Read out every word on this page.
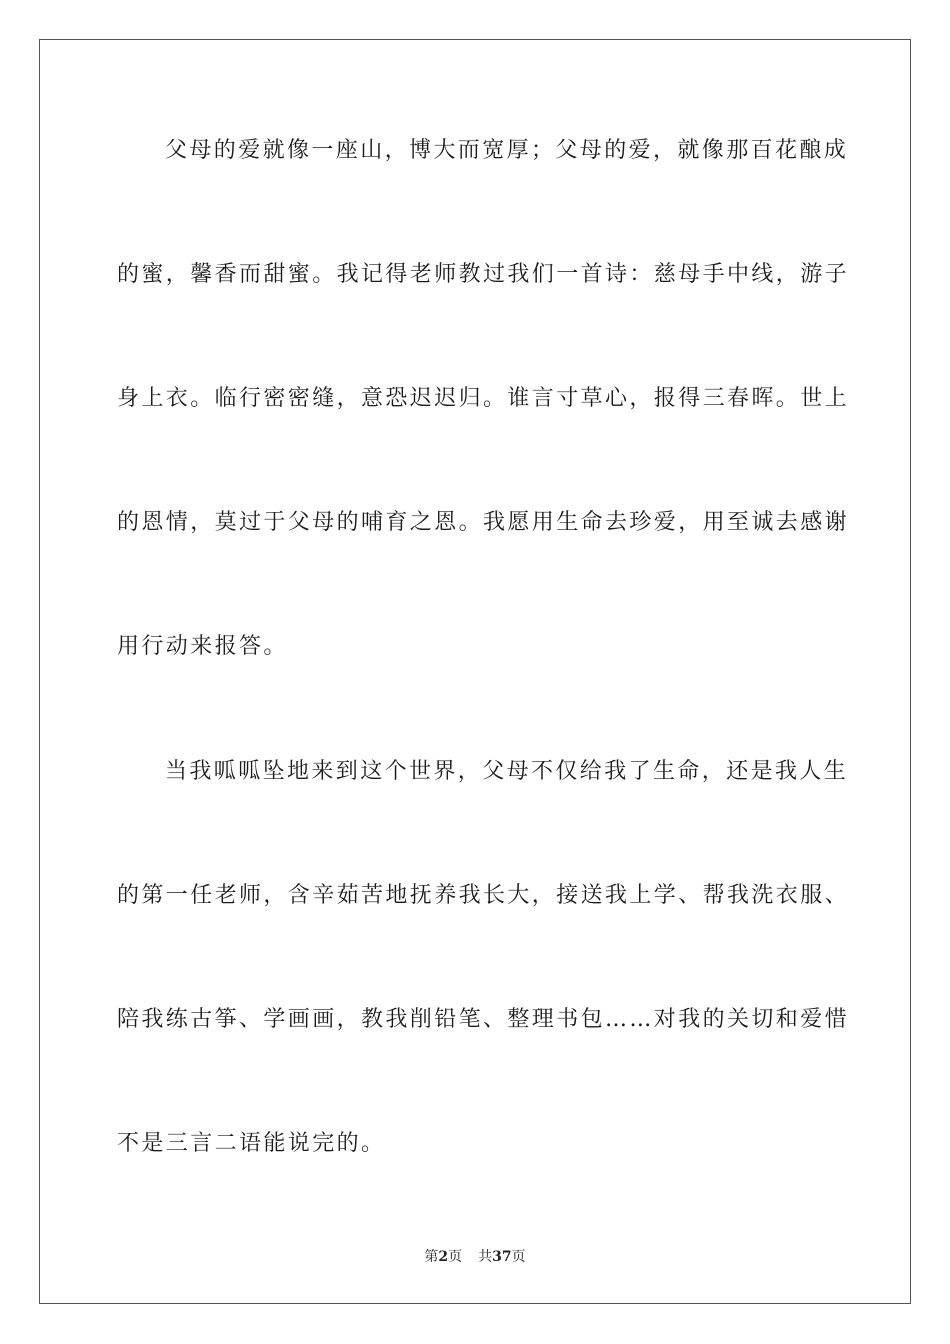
父母的爱就像一座山，博大而宽厚；父母的爱，就像那百花酿成
的蜜，馨香而甜蜜。我记得老师教过我们一首诗：慈母手中线，游子
身上衣。临行密密缝，意恐迟迟归。谁言寸草心，报得三春晖。世上
的恩情，莫过于父母的哺育之恩。我愿用生命去珍爱，用至诚去感谢
用行动来报答。
当我呱呱坠地来到这个世界，父母不仅给我了生命，还是我人生
的第一任老师，含辛茹苦地抚养我长大，接送我上学、帮我洗衣服、
陪我练古筝、学画画，教我削铅笔、整理书包……对我的关切和爱惜
不是三言二语能说完的。
第2页 共37页
